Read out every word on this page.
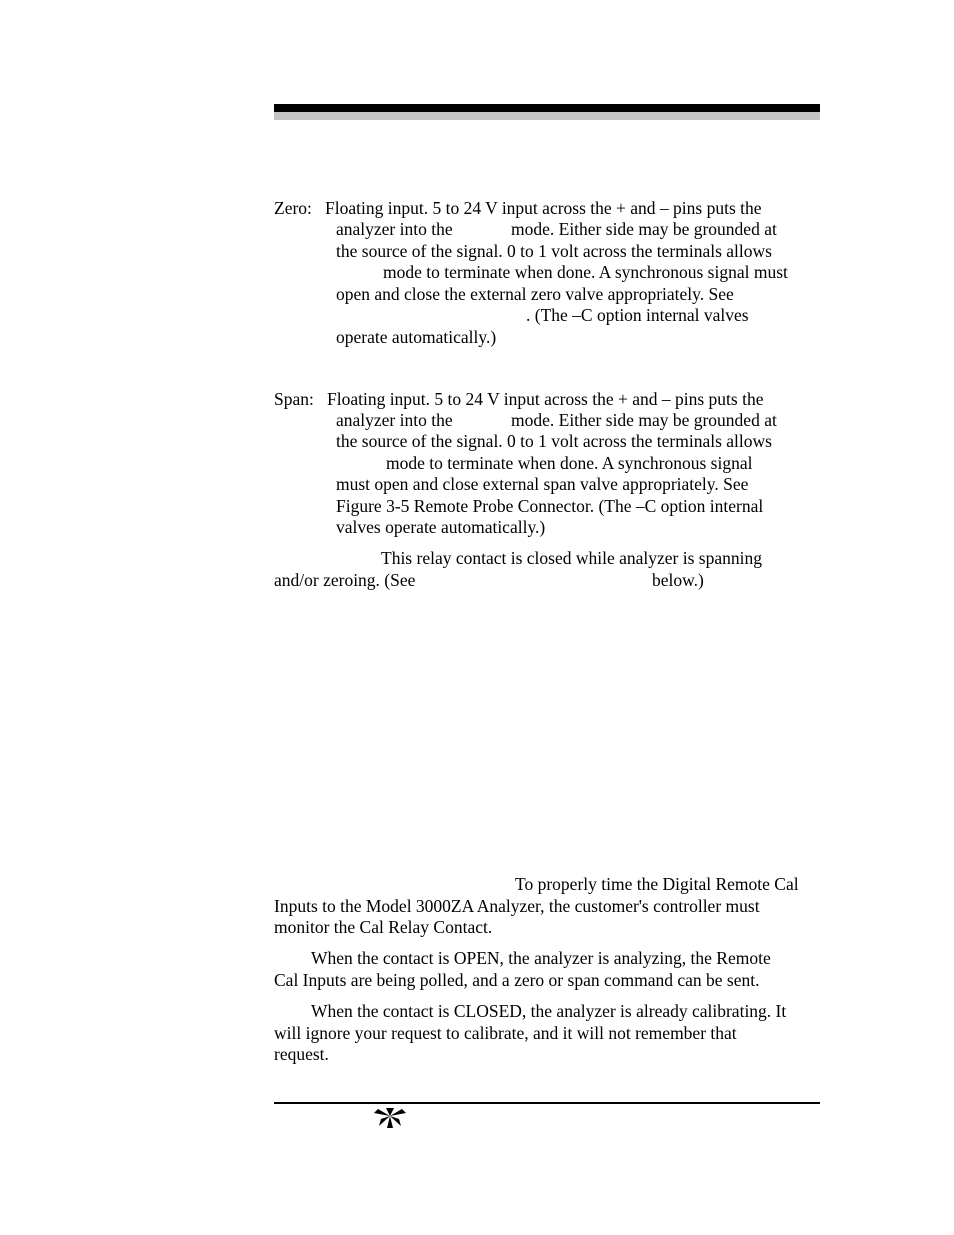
Zero:   Floating input. 5 to 24 V input across the + and – pins puts the
analyzer into the	mode. Either side may be grounded at
the source of the signal. 0 to 1 volt across the terminals allows
mode to terminate when done. A synchronous signal must
open and close the external zero valve appropriately. See
. (The –C option internal valves
operate automatically.)
Span:   Floating input. 5 to 24 V input across the + and – pins puts the
analyzer into the	mode. Either side may be grounded at
the source of the signal. 0 to 1 volt across the terminals allows
mode to terminate when done. A synchronous signal
must open and close external span valve appropriately. See
Figure 3-5 Remote Probe Connector. (The –C option internal
valves operate automatically.)
This relay contact is closed while analyzer is spanning
and/or zeroing. (See	below.)
To properly time the Digital Remote Cal
Inputs to the Model 3000ZA Analyzer, the customer's controller must
monitor the Cal Relay Contact.
When the contact is OPEN, the analyzer is analyzing, the Remote
Cal Inputs are being polled, and a zero or span command can be sent.
When the contact is CLOSED, the analyzer is already calibrating. It
will ignore your request to calibrate, and it will not remember that
request.
